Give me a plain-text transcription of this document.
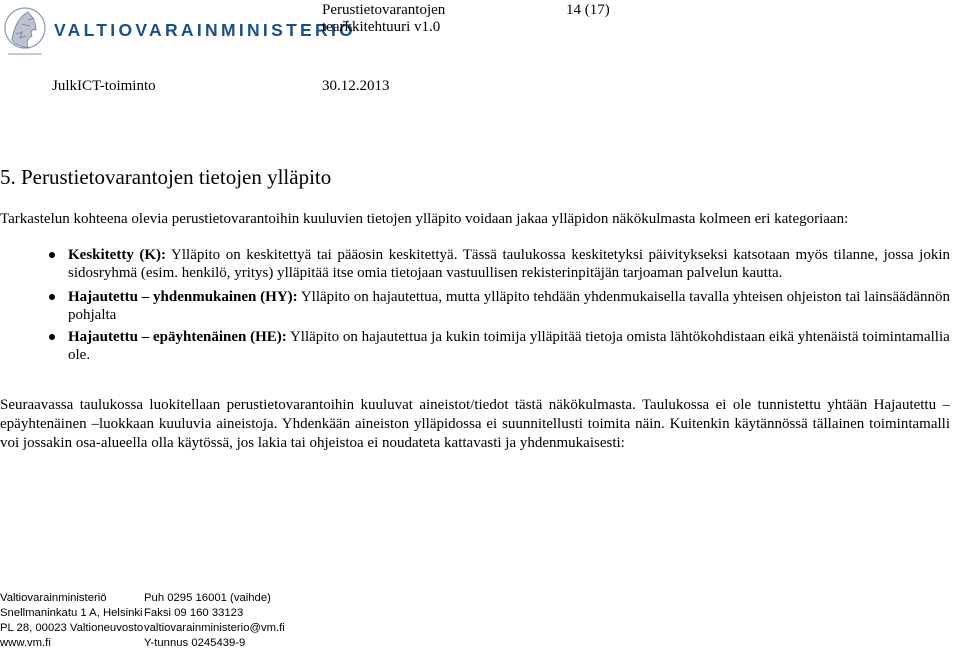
VALTIOVARAINMINISTERIÖ
Perustietovarantojen
tearkkitehtuuri v1.0
14 (17)
JulkICT-toiminto	30.12.2013
5. Perustietovarantojen tietojen ylläpito
Tarkastelun kohteena olevia perustietovarantoihin kuuluvien tietojen ylläpito voidaan jakaa ylläpidon näkökulmasta kolmeen eri kategoriaan:
Keskitetty (K): Ylläpito on keskitettyä tai pääosin keskitettyä. Tässä taulukossa keskitetyksi päivitykseksi katsotaan myös tilanne, jossa jokin sidosryhmä (esim. henkilö, yritys) ylläpitää itse omia tietojaan vastuullisen rekisterinpitäjän tarjoaman palvelun kautta.
Hajautettu – yhdenmukainen (HY): Ylläpito on hajautettua, mutta ylläpito tehdään yhdenmukaisella tavalla yhteisen ohjeiston tai lainsäädännön pohjalta
Hajautettu – epäyhtenäinen (HE): Ylläpito on hajautettua ja kukin toimija ylläpitää tietoja omista lähtökohdistaan eikä yhtenäistä toimintamallia ole.
Seuraavassa taulukossa luokitellaan perustietovarantoihin kuuluvat aineistot/tiedot tästä näkökulmasta. Taulukossa ei ole tunnistettu yhtään Hajautettu – epäyhtenäinen –luokkaan kuuluvia aineistoja. Yhdenkään aineiston ylläpidossa ei suunnitellusti toimita näin. Kuitenkin käytännössä tällainen toimintamalli voi jossakin osa-alueella olla käytössä, jos lakia tai ohjeistoa ei noudateta kattavasti ja yhdenmukaisesti:
Valtiovarainministeriö
Snellmaninkatu 1 A, Helsinki
PL 28, 00023 Valtioneuvosto
www.vm.fi
Puh 0295 16001 (vaihde)
Faksi 09 160 33123
valtiovarainministerio@vm.fi
Y-tunnus 0245439-9
